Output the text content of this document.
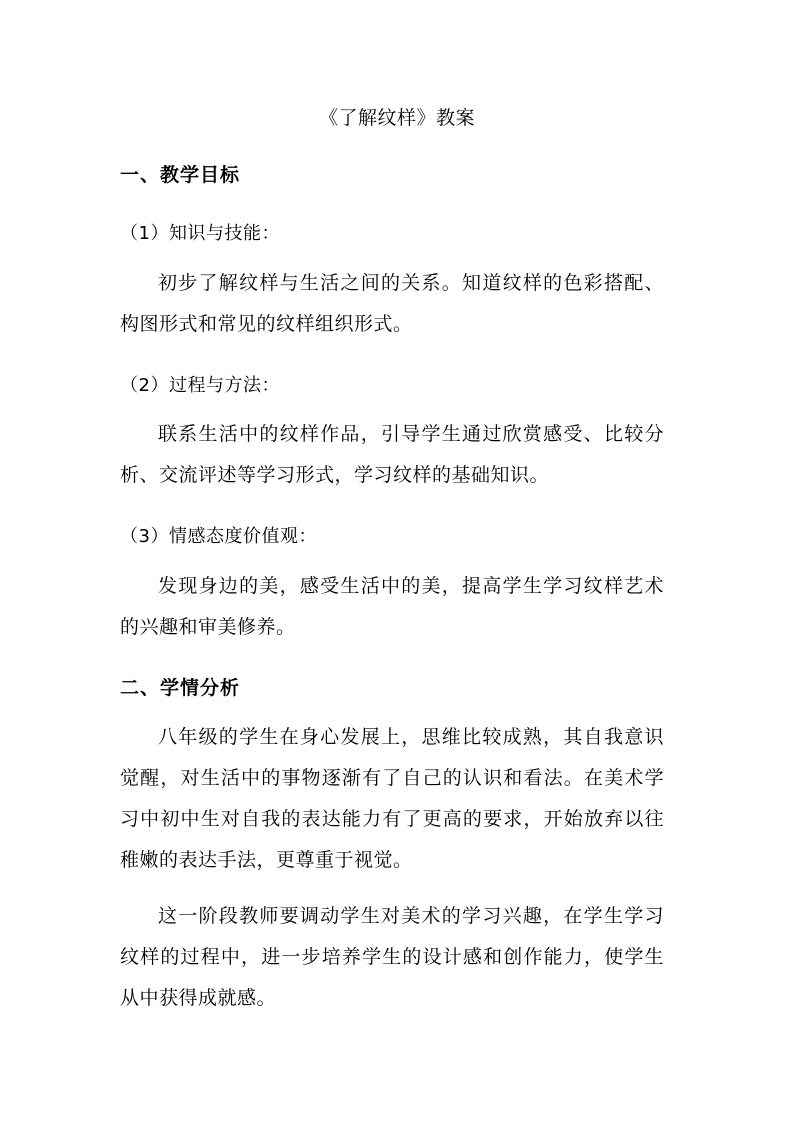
《了解纹样》教案
一、教学目标
（1）知识与技能：

初步了解纹样与生活之间的关系。知道纹样的色彩搭配、构图形式和常见的纹样组织形式。

（2）过程与方法：

联系生活中的纹样作品，引导学生通过欣赏感受、比较分析、交流评述等学习形式，学习纹样的基础知识。

（3）情感态度价值观：

发现身边的美，感受生活中的美，提高学生学习纹样艺术的兴趣和审美修养。

二、学情分析

八年级的学生在身心发展上，思维比较成熟，其自我意识觉醒，对生活中的事物逐渐有了自己的认识和看法。在美术学习中初中生对自我的表达能力有了更高的要求，开始放弃以往稚嫩的表达手法，更尊重于视觉。

这一阶段教师要调动学生对美术的学习兴趣，在学生学习纹样的过程中，进一步培养学生的设计感和创作能力，使学生从中获得成就感。
